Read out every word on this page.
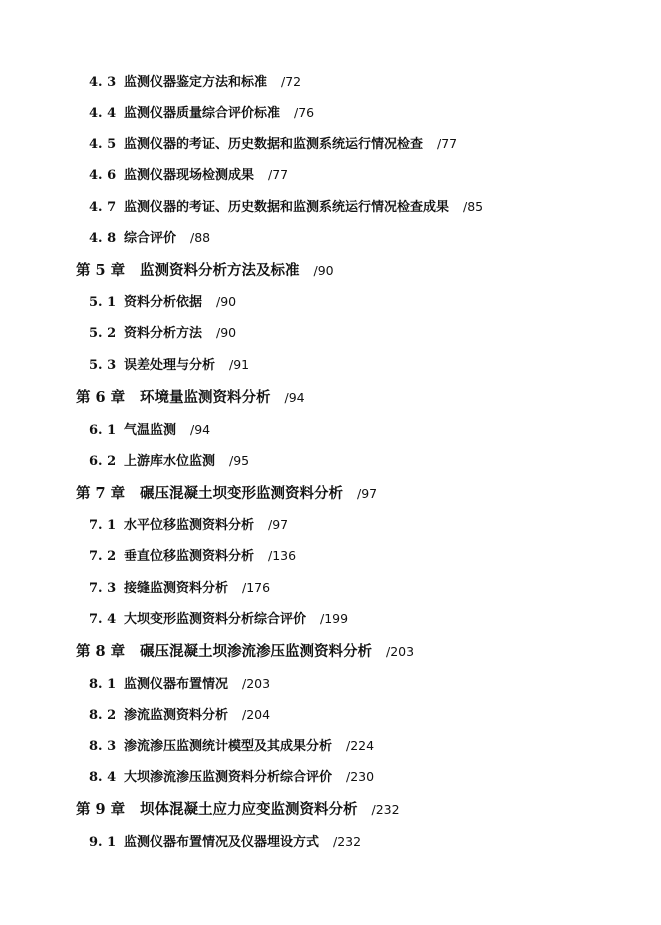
4. 3 监测仪器鉴定方法和标准 /72
4. 4 监测仪器质量综合评价标准 /76
4. 5 监测仪器的考证、历史数据和监测系统运行情况检查 /77
4. 6 监测仪器现场检测成果 /77
4. 7 监测仪器的考证、历史数据和监测系统运行情况检查成果 /85
4. 8 综合评价 /88
第 5 章 监测资料分析方法及标准 /90
5. 1 资料分析依据 /90
5. 2 资料分析方法 /90
5. 3 误差处理与分析 /91
第 6 章 环境量监测资料分析 /94
6. 1 气温监测 /94
6. 2 上游库水位监测 /95
第 7 章 碾压混凝土坝变形监测资料分析 /97
7. 1 水平位移监测资料分析 /97
7. 2 垂直位移监测资料分析 /136
7. 3 接缝监测资料分析 /176
7. 4 大坝变形监测资料分析综合评价 /199
第 8 章 碾压混凝土坝渗流渗压监测资料分析 /203
8. 1 监测仪器布置情况 /203
8. 2 渗流监测资料分析 /204
8. 3 渗流渗压监测统计模型及其成果分析 /224
8. 4 大坝渗流渗压监测资料分析综合评价 /230
第 9 章 坝体混凝土应力应变监测资料分析 /232
9. 1 监测仪器布置情况及仪器埋设方式 /232
